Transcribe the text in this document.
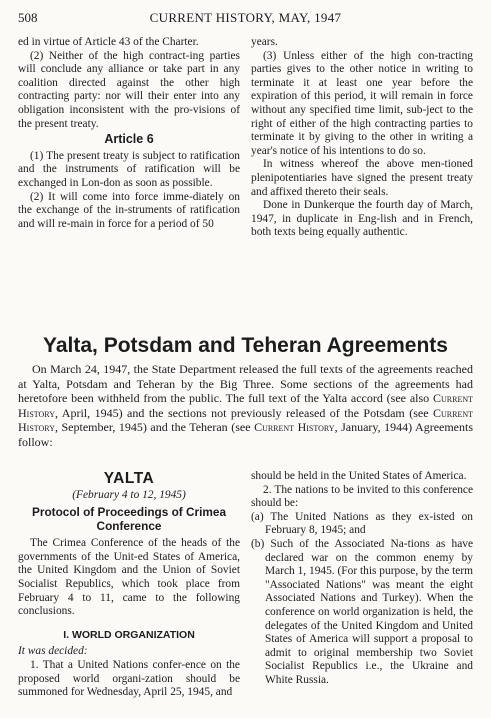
508	CURRENT HISTORY, MAY, 1947

ed in virtue of Article 43 of the Charter.

(2) Neither of the high contract-ing parties will conclude any alliance or take part in any coalition directed against the other high contracting party: nor will their enter into any obligation inconsistent with the pro-visions of the present treaty.

Article 6

(1) The present treaty is subject to ratification and the instruments of ratification will be exchanged in Lon-don as soon as possible.

(2) It will come into force imme-diately on the exchange of the in-struments of ratification and will re-main in force for a period of 50

years.

(3) Unless either of the high con-tracting parties gives to the other notice in writing to terminate it at least one year before the expiration of this period, it will remain in force without any specified time limit, sub-ject to the right of either of the high contracting parties to terminate it by giving to the other in writing a year's notice of his intentions to do so.

In witness whereof the above men-tioned plenipotentiaries have signed the present treaty and affixed thereto their seals.

Done in Dunkerque the fourth day of March, 1947, in duplicate in Eng-lish and in French, both texts being equally authentic.

Yalta, Potsdam and Teheran Agreements

On March 24, 1947, the State Department released the full texts of the agreements reached at Yalta, Potsdam and Teheran by the Big Three. Some sections of the agreements had heretofore been withheld from the public. The full text of the Yalta accord (see also Current History, April, 1945) and the sections not previously released of the Potsdam (see Current History, September, 1945) and the Teheran (see Current History, January, 1944) Agreements follow:

YALTA
(February 4 to 12, 1945)
Protocol of Proceedings of Crimea Conference

The Crimea Conference of the heads of the governments of the Unit-ed States of America, the United Kingdom and the Union of Soviet Socialist Republics, which took place from February 4 to 11, came to the following conclusions.

I. WORLD ORGANIZATION

It was decided:

1. That a United Nations confer-ence on the proposed world organi-zation should be summoned for Wednesday, April 25, 1945, and

should be held in the United States of America.

2. The nations to be invited to this conference should be:

(a) The United Nations as they ex-isted on February 8, 1945; and

(b) Such of the Associated Na-tions as have declared war on the common enemy by March 1, 1945. (For this purpose, by the term "Associated Nations" was meant the eight Associated Nations and Turkey). When the conference on world organization is held, the delegates of the United Kingdom and United States of America will support a proposal to admit to original membership two Soviet Socialist Republics i.e., the Ukraine and White Russia.
